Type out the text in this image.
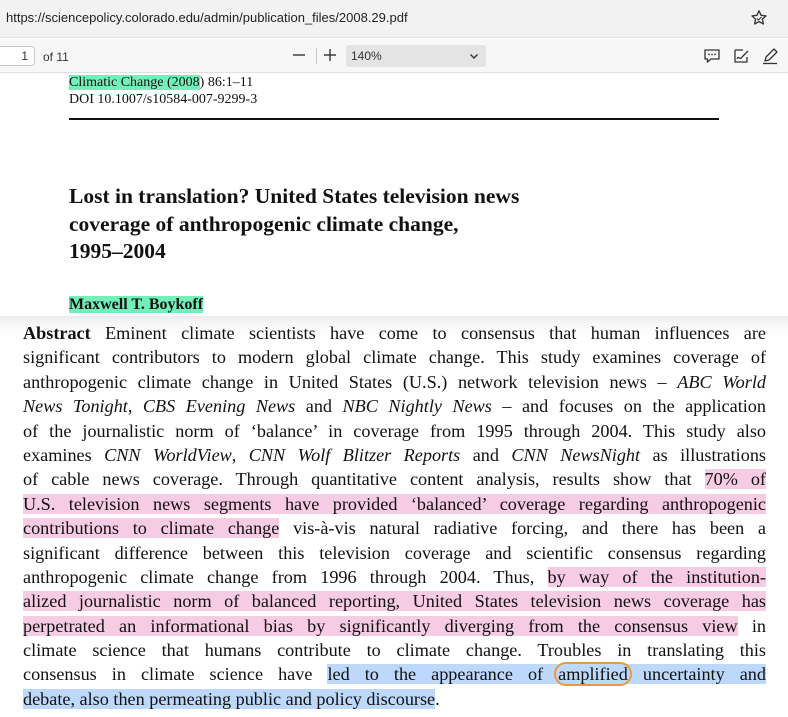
https://sciencepolicy.colorado.edu/admin/publication_files/2008.29.pdf
1	of 11	140%
Climatic Change (2008) 86:1–11
DOI 10.1007/s10584-007-9299-3
Lost in translation? United States television news
coverage of anthropogenic climate change,
1995–2004
Maxwell T. Boykoff
Abstract Eminent climate scientists have come to consensus that human influences are
significant contributors to modern global climate change. This study examines coverage of
anthropogenic climate change in United States (U.S.) network television news – ABC World
News Tonight, CBS Evening News and NBC Nightly News – and focuses on the application
of the journalistic norm of ‘balance’ in coverage from 1995 through 2004. This study also
examines CNN WorldView, CNN Wolf Blitzer Reports and CNN NewsNight as illustrations
of cable news coverage. Through quantitative content analysis, results show that 70% of
U.S. television news segments have provided ‘balanced’ coverage regarding anthropogenic
contributions to climate change vis-à-vis natural radiative forcing, and there has been a
significant difference between this television coverage and scientific consensus regarding
anthropogenic climate change from 1996 through 2004. Thus, by way of the institution-
alized journalistic norm of balanced reporting, United States television news coverage has
perpetrated an informational bias by significantly diverging from the consensus view in
climate science that humans contribute to climate change. Troubles in translating this
consensus in climate science have led to the appearance of amplified uncertainty and
debate, also then permeating public and policy discourse.
